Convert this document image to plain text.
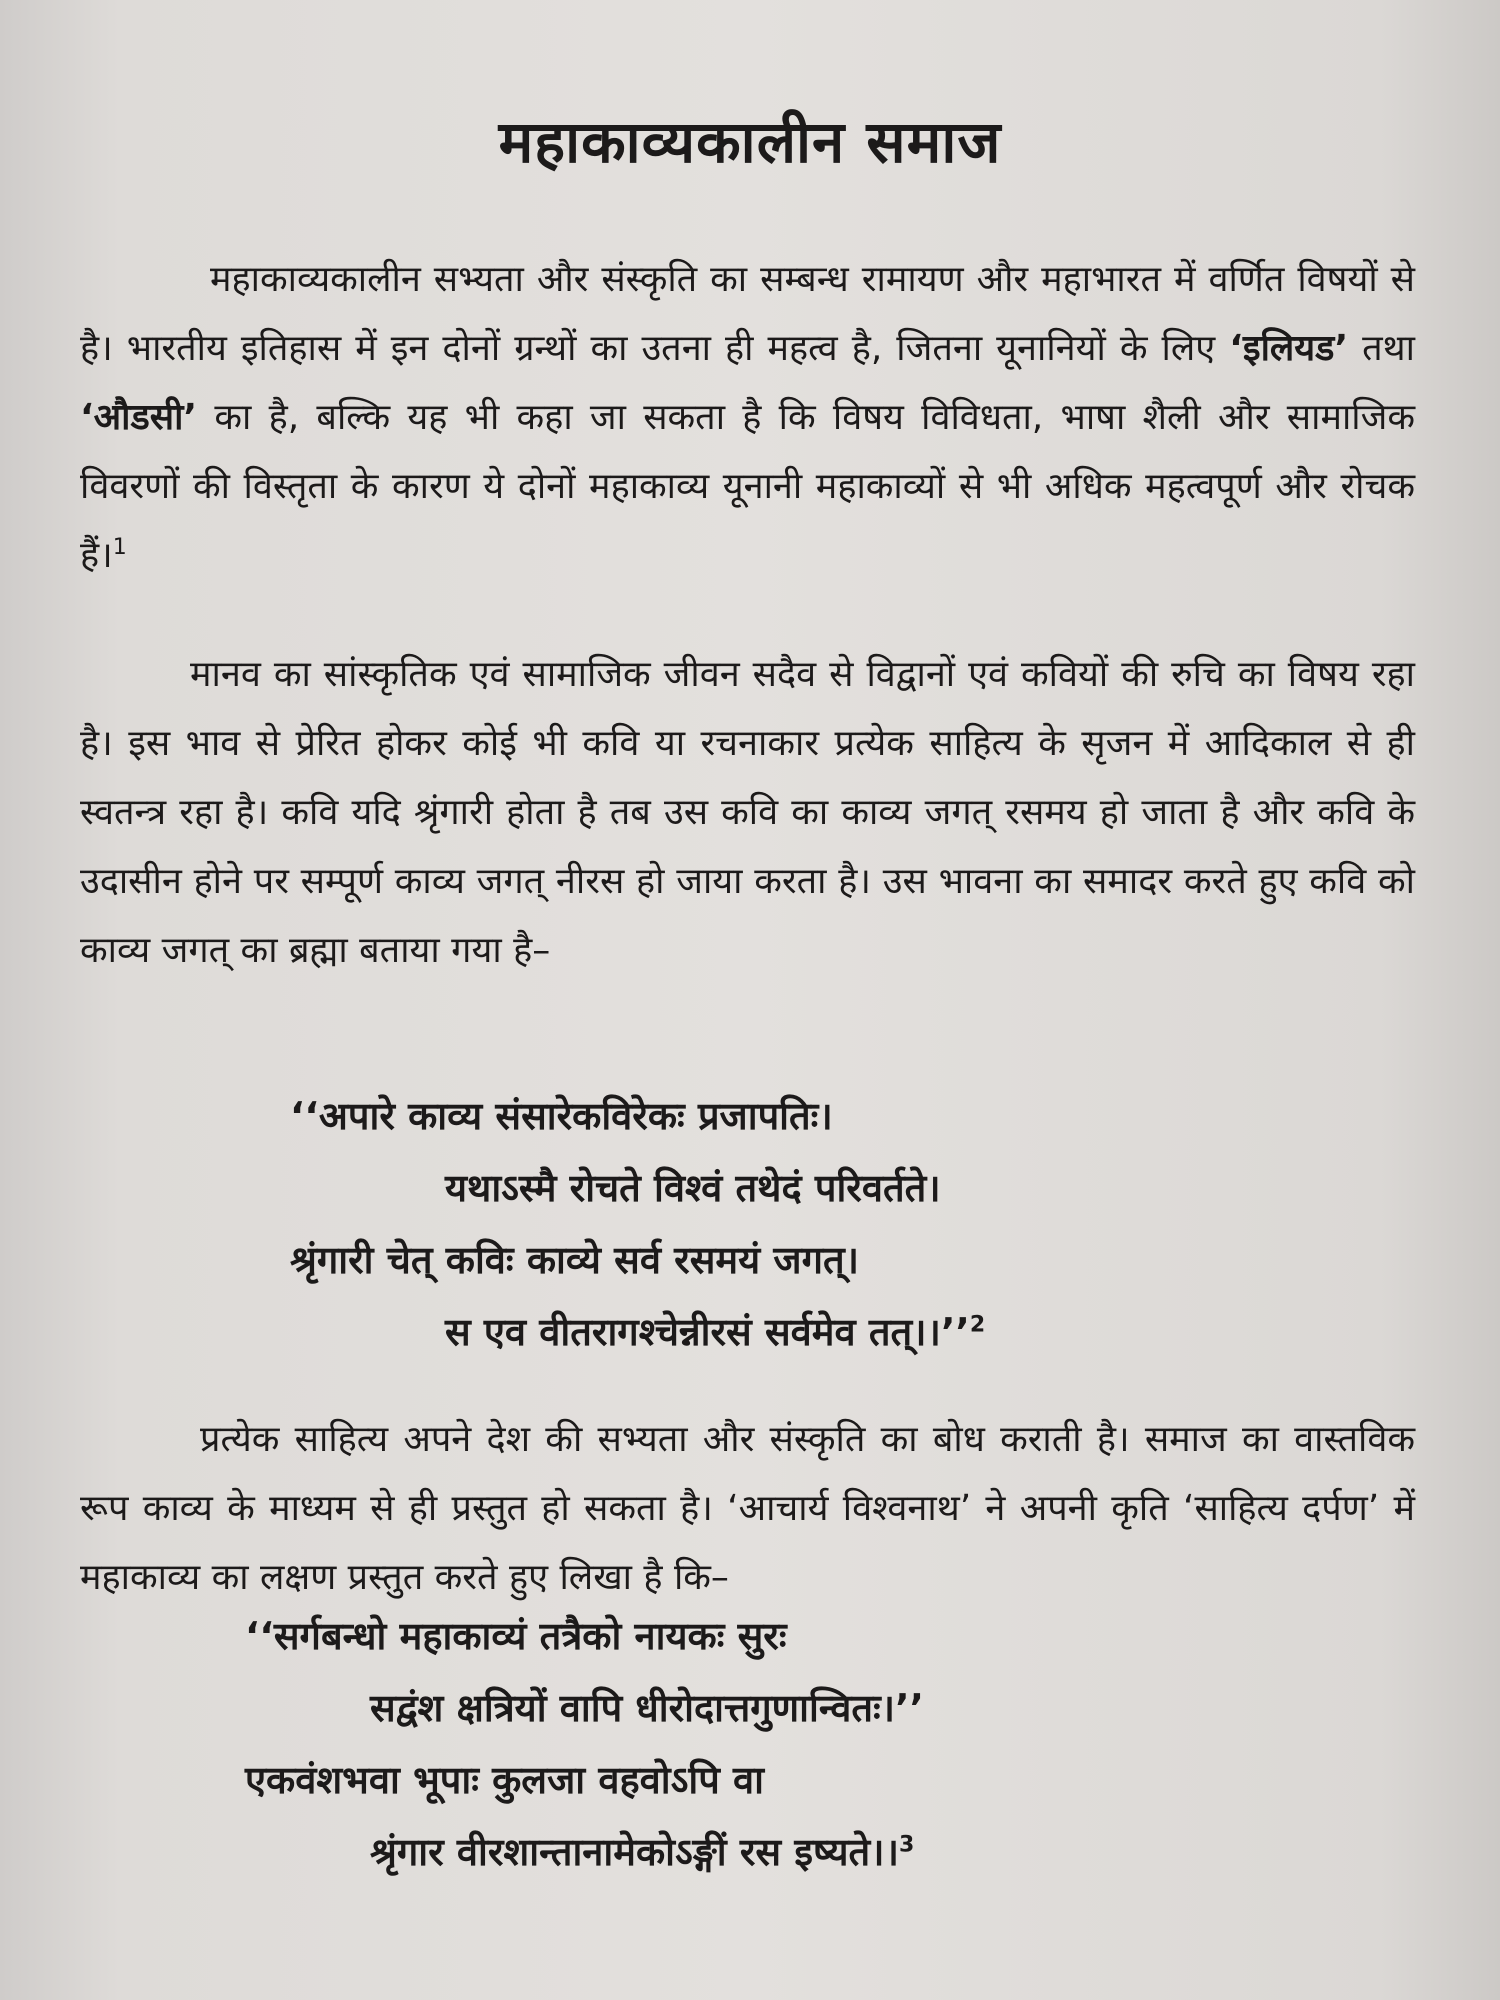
महाकाव्यकालीन समाज

महाकाव्यकालीन सभ्यता और संस्कृति का सम्बन्ध रामायण और महाभारत में वर्णित विषयों से है। भारतीय इतिहास में इन दोनों ग्रन्थों का उतना ही महत्व है, जितना यूनानियों के लिए ‘इलियड’ तथा ‘औडसी’ का है, बल्कि यह भी कहा जा सकता है कि विषय विविधता, भाषा शैली और सामाजिक विवरणों की विस्तृता के कारण ये दोनों महाकाव्य यूनानी महाकाव्यों से भी अधिक महत्वपूर्ण और रोचक हैं।$^1$

मानव का सांस्कृतिक एवं सामाजिक जीवन सदैव से विद्वानों एवं कवियों की रुचि का विषय रहा है। इस भाव से प्रेरित होकर कोई भी कवि या रचनाकार प्रत्येक साहित्य के सृजन में आदिकाल से ही स्वतन्त्र रहा है। कवि यदि श्रृंगारी होता है तब उस कवि का काव्य जगत् रसमय हो जाता है और कवि के उदासीन होने पर सम्पूर्ण काव्य जगत् नीरस हो जाया करता है। उस भावना का समादर करते हुए कवि को काव्य जगत् का ब्रह्मा बताया गया है–

‘‘अपारे काव्य संसारेकविरेकः प्रजापतिः।
यथाऽस्मै रोचते विश्वं तथेदं परिवर्तते।
श्रृंगारी चेत् कविः काव्ये सर्व रसमयं जगत्।
स एव वीतरागश्चेन्नीरसं सर्वमेव तत्।।’’$^2$

प्रत्येक साहित्य अपने देश की सभ्यता और संस्कृति का बोध कराती है। समाज का वास्तविक रूप काव्य के माध्यम से ही प्रस्तुत हो सकता है। ‘आचार्य विश्वनाथ’ ने अपनी कृति ‘साहित्य दर्पण’ में महाकाव्य का लक्षण प्रस्तुत करते हुए लिखा है कि–

‘‘सर्गबन्धो महाकाव्यं तत्रैको नायकः सुरः
सद्वंश क्षत्रियों वापि धीरोदात्तगुणान्वितः।’’
एकवंशभवा भूपाः कुलजा वहवोऽपि वा
श्रृंगार वीरशान्तानामेकोऽङ्गीं रस इष्यते।।$^3$
